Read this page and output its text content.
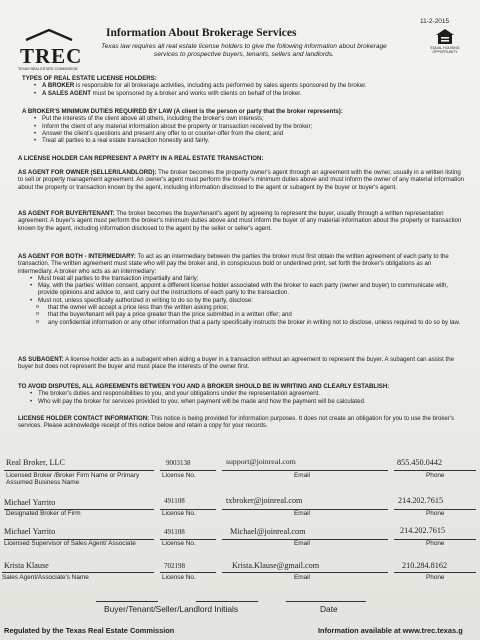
11-2-2015
TREC
TEXAS REAL ESTATE COMMISSION
EQUAL HOUSING OPPORTUNITY
Information About Brokerage Services
Texas law requires all real estate license holders to give the following information about brokerage services to prospective buyers, tenants, sellers and landlords.
TYPES OF REAL ESTATE LICENSE HOLDERS:
• A BROKER is responsible for all brokerage activities, including acts performed by sales agents sponsored by the broker.
• A SALES AGENT must be sponsored by a broker and works with clients on behalf of the broker.
A BROKER'S MINIMUM DUTIES REQUIRED BY LAW (A client is the person or party that the broker represents):
• Put the interests of the client above all others, including the broker's own interests;
• Inform the client of any material information about the property or transaction received by the broker;
• Answer the client's questions and present any offer to or counter-offer from the client; and
• Treat all parties to a real estate transaction honestly and fairly.
A LICENSE HOLDER CAN REPRESENT A PARTY IN A REAL ESTATE TRANSACTION:
AS AGENT FOR OWNER (SELLER/LANDLORD): The broker becomes the property owner's agent through an agreement with the owner, usually in a written listing to sell or property management agreement. An owner's agent must perform the broker's minimum duties above and must inform the owner of any material information about the property or transaction known by the agent, including information disclosed to the agent or subagent by the buyer or buyer's agent.
AS AGENT FOR BUYER/TENANT: The broker becomes the buyer/tenant's agent by agreeing to represent the buyer, usually through a written representation agreement. A buyer's agent must perform the broker's minimum duties above and must inform the buyer of any material information about the property or transaction known by the agent, including information disclosed to the agent by the seller or seller's agent.
AS AGENT FOR BOTH - INTERMEDIARY: To act as an intermediary between the parties the broker must first obtain the written agreement of each party to the transaction. The written agreement must state who will pay the broker and, in conspicuous bold or underlined print, set forth the broker's obligations as an intermediary. A broker who acts as an intermediary:
• Must treat all parties to the transaction impartially and fairly;
• May, with the parties' written consent, appoint a different license holder associated with the broker to each party (owner and buyer) to communicate with, provide opinions and advice to, and carry out the instructions of each party to the transaction.
• Must not, unless specifically authorized in writing to do so by the party, disclose:
o that the owner will accept a price less than the written asking price;
o that the buyer/tenant will pay a price greater than the price submitted in a written offer; and
o any confidential information or any other information that a party specifically instructs the broker in writing not to disclose, unless required to do so by law.
AS SUBAGENT: A license holder acts as a subagent when aiding a buyer in a transaction without an agreement to represent the buyer. A subagent can assist the buyer but does not represent the buyer and must place the interests of the owner first.
TO AVOID DISPUTES, ALL AGREEMENTS BETWEEN YOU AND A BROKER SHOULD BE IN WRITING AND CLEARLY ESTABLISH:
• The broker's duties and responsibilities to you, and your obligations under the representation agreement.
• Who will pay the broker for services provided to you, when payment will be made and how the payment will be calculated.
LICENSE HOLDER CONTACT INFORMATION: This notice is being provided for information purposes. It does not create an obligation for you to use the broker's services. Please acknowledge receipt of this notice below and retain a copy for your records.
Real Broker, LLC
Licensed Broker /Broker Firm Name or Primary Assumed Business Name
9003138
License No.
support@joinreal.com
Email
855.450.0442
Phone
Michael Yarrito
Designated Broker of Firm
491108
License No.
txbroker@joinreal.com
Email
214.202.7615
Phone
Michael Yarrito
Licensed Supervisor of Sales Agent/ Associate
491108
License No.
Michael@joinreal.com
Email
214.202.7615
Phone
Krista Klause
Sales Agent/Associate's Name
702198
License No.
Krista.Klause@gmail.com
Email
210.284.8162
Phone
Buyer/Tenant/Seller/Landlord Initials	Date
Regulated by the Texas Real Estate Commission	Information available at www.trec.texas.g
